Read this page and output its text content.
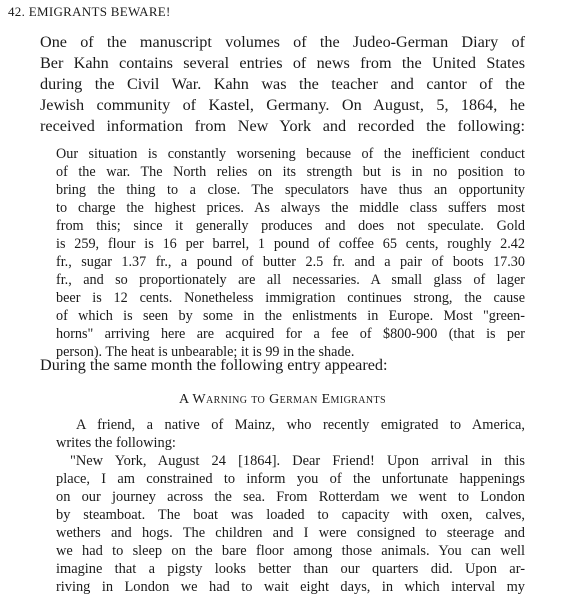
42. EMIGRANTS BEWARE!
One of the manuscript volumes of the Judeo-German Diary of
Ber Kahn contains several entries of news from the United States
during the Civil War. Kahn was the teacher and cantor of the
Jewish community of Kastel, Germany. On August, 5, 1864, he
received information from New York and recorded the following:
Our situation is constantly worsening because of the inefficient conduct
of the war. The North relies on its strength but is in no position to
bring the thing to a close. The speculators have thus an opportunity
to charge the highest prices. As always the middle class suffers most
from this; since it generally produces and does not speculate. Gold
is 259, flour is 16 per barrel, 1 pound of coffee 65 cents, roughly 2.42
fr., sugar 1.37 fr., a pound of butter 2.5 fr. and a pair of boots 17.30
fr., and so proportionately are all necessaries. A small glass of lager
beer is 12 cents. Nonetheless immigration continues strong, the cause
of which is seen by some in the enlistments in Europe. Most "green-
horns" arriving here are acquired for a fee of $800-900 (that is per
person). The heat is unbearable; it is 99 in the shade.
During the same month the following entry appeared:
A Warning to German Emigrants
A friend, a native of Mainz, who recently emigrated to America,
writes the following:
"New York, August 24 [1864]. Dear Friend! Upon arrival in this
place, I am constrained to inform you of the unfortunate happenings
on our journey across the sea. From Rotterdam we went to London
by steamboat. The boat was loaded to capacity with oxen, calves,
wethers and hogs. The children and I were consigned to steerage and
we had to sleep on the bare floor among those animals. You can well
imagine that a pigsty looks better than our quarters did. Upon ar-
riving in London we had to wait eight days, in which interval my
